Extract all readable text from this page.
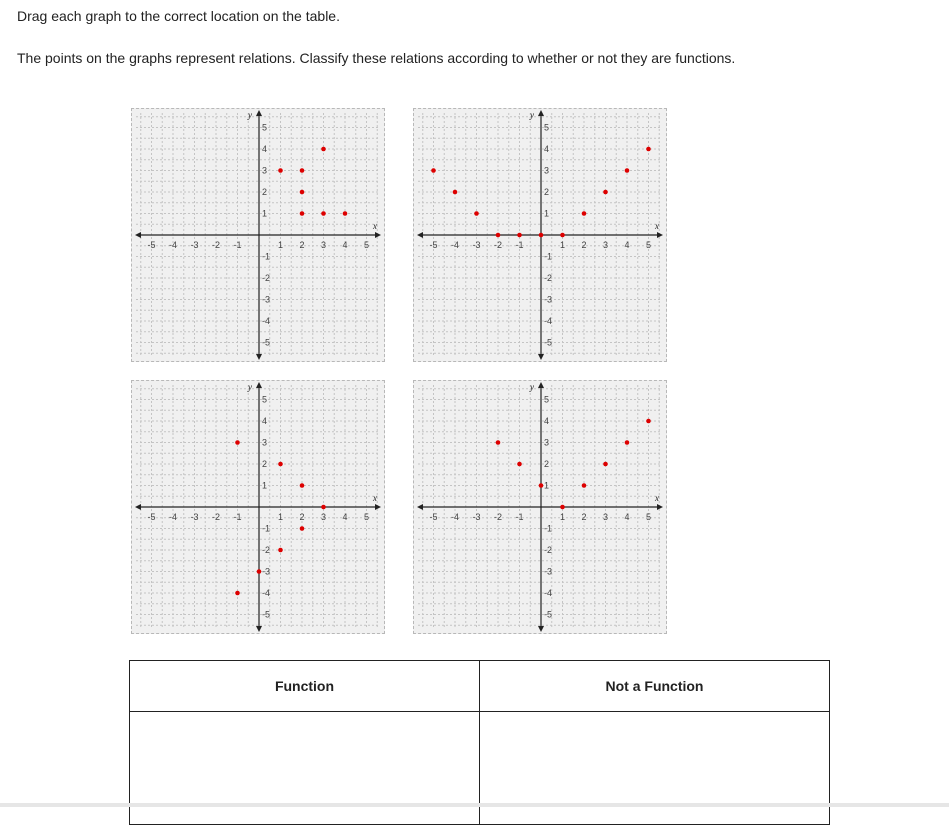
Drag each graph to the correct location on the table.
The points on the graphs represent relations. Classify these relations according to whether or not they are functions.
-5 -4 -3 -2 -1	1 2 3 4 5
5
4
3
2
1
-1
-2
-3
-4
-5
x
y
-5 -4 -3 -2 -1	1 2 3 4 5
5
4
3
2
1
-1
-2
-3
-4
-5
x
y
-5 -4 -3 -2 -1	1 2 3 4 5
5
4
3
2
1
-1
-2
-3
-4
-5
x
y
-5 -4 -3 -2 -1	1 2 3 4 5
5
4
3
2
1
-1
-2
-3
-4
-5
x
y
Function	Not a Function
